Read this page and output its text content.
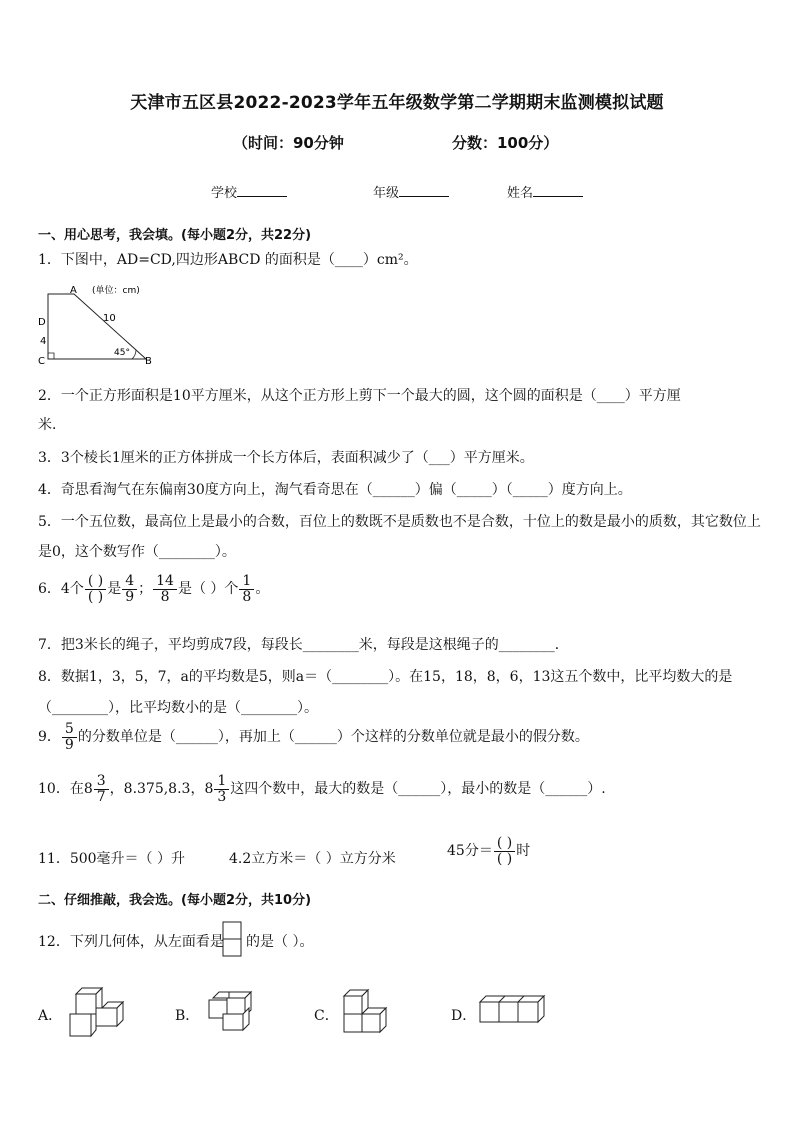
天津市五区县2022-2023学年五年级数学第二学期期末监测模拟试题
（时间：90分钟	分数：100分）
学校	年级	姓名
一、用心思考，我会填。(每小题2分，共22分)
1．下图中，AD=CD,四边形ABCD 的面积是（____）cm²。
A
D
C	B
(单位：cm)
10
4
45°
2．一个正方形面积是10平方厘米，从这个正方形上剪下一个最大的圆，这个圆的面积是（____）平方厘
米．
3．3个棱长1厘米的正方体拼成一个长方体后，表面积减少了（___）平方厘米。
4．奇思看淘气在东偏南30度方向上，淘气看奇思在（______）偏（_____）（_____）度方向上。
5．一个五位数，最高位上是最小的合数，百位上的数既不是质数也不是合数，十位上的数是最小的质数，其它数位上
是0，这个数写作（________）。
6．4个 $\frac{( )}{( )}$ 是 $\frac{4}{9}$ ； $\frac{14}{8}$ 是（ ）个 $\frac{1}{8}$ 。
7．把3米长的绳子，平均剪成7段，每段长________米，每段是这根绳子的________．
8．数据1，3，5，7，a的平均数是5，则a＝（________）。在15，18，8，6，13这五个数中，比平均数大的是
（________），比平均数小的是（________）。
9． $\frac{5}{9}$ 的分数单位是（______），再加上（______）个这样的分数单位就是最小的假分数。
10．在$8 \frac{3}{7}$ ，8.375,8.3，$8 \frac{1}{3}$ 这四个数中，最大的数是（______），最小的数是（______）.
11．500毫升＝（ ）升	4.2立方米＝（ ）立方分米	45分＝ $\frac{( )}{( )}$ 时
二、仔细推敲，我会选。(每小题2分，共10分)
12．下列几何体，从左面看是 的是（ ）。
A．	B．	C．	D．
